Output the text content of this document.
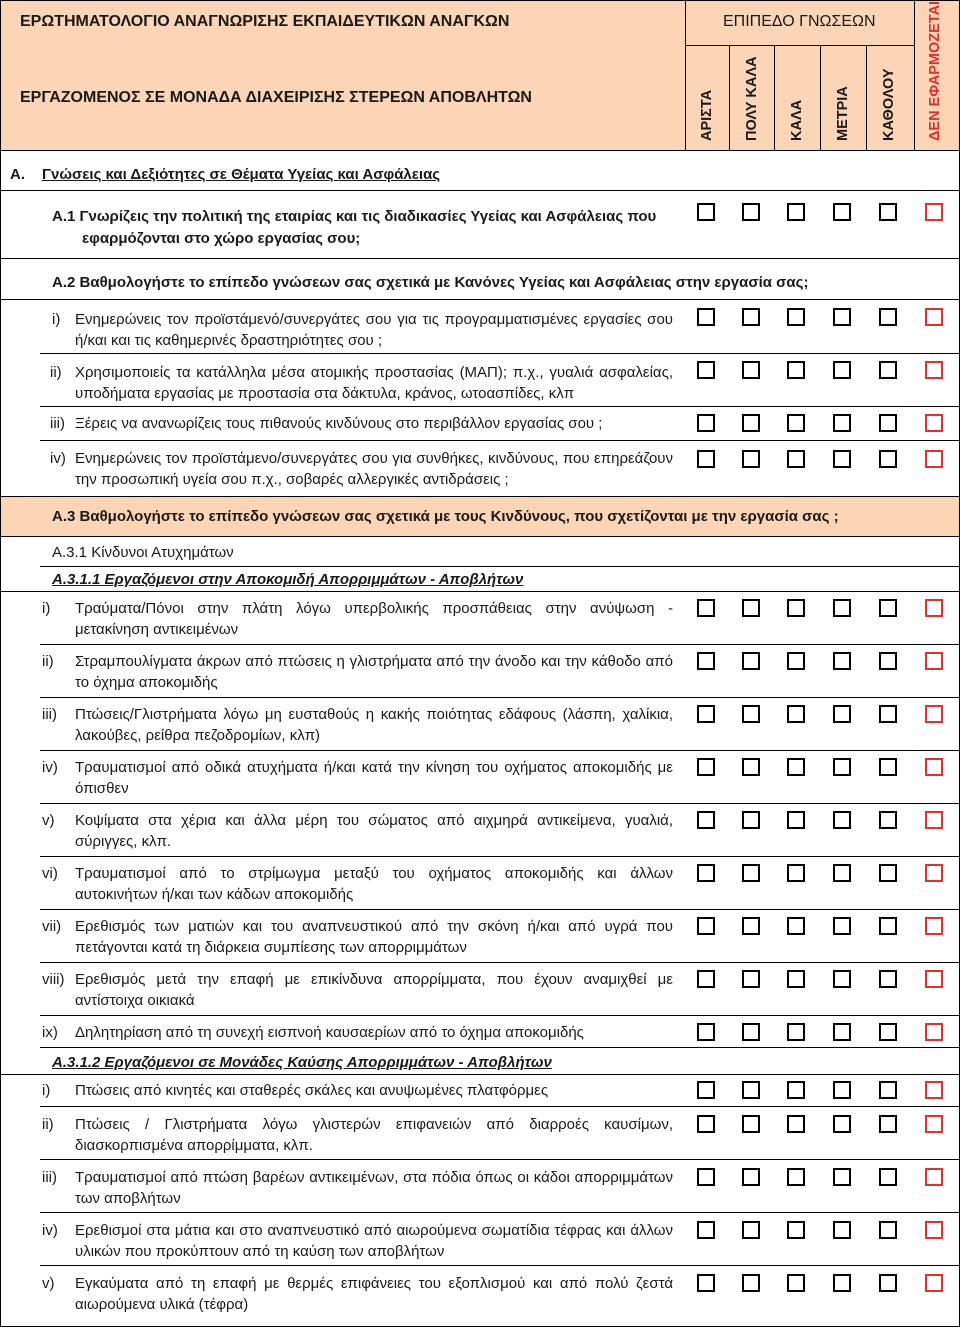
ΕΡΩΤΗΜΑΤΟΛΟΓΙΟ ΑΝΑΓΝΩΡΙΣΗΣ ΕΚΠΑΙΔΕΥΤΙΚΩΝ ΑΝΑΓΚΩΝ
ΕΡΓΑΖΟΜΕΝΟΣ ΣΕ ΜΟΝΑΔΑ ΔΙΑΧΕΙΡΙΣΗΣ ΣΤΕΡΕΩΝ ΑΠΟΒΛΗΤΩΝ
ΕΠΙΠΕΔΟ ΓΝΩΣΕΩΝ
ΑΡΙΣΤΑ ΠΟΛΥ ΚΑΛΑ ΚΑΛΑ ΜΕΤΡΙΑ ΚΑΘΟΛΟΥ ΔΕΝ ΕΦΑΡΜΟΖΕΤΑΙ
Α. Γνώσεις και Δεξιότητες σε Θέματα Υγείας και Ασφάλειας
Α.1 Γνωρίζεις την πολιτική της εταιρίας και τις διαδικασίες Υγείας και Ασφάλειας που
εφαρμόζονται στο χώρο εργασίας σου;
Α.2 Βαθμολογήστε το επίπεδο γνώσεων σας σχετικά με Κανόνες Υγείας και Ασφάλειας στην εργασία σας;
i) Ενημερώνεις τον προϊστάμενό/συνεργάτες σου για τις προγραμματισμένες εργασίες σου ή/και και τις καθημερινές δραστηριότητες σου ;
ii) Χρησιμοποιείς τα κατάλληλα μέσα ατομικής προστασίας (ΜΑΠ); π.χ., γυαλιά ασφαλείας, υποδήματα εργασίας με προστασία στα δάκτυλα, κράνος, ωτοασπίδες, κλπ
iii) Ξέρεις να ανανωρίζεις τους πιθανούς κινδύνους στο περιβάλλον εργασίας σου ;
iv) Ενημερώνεις τον προϊστάμενο/συνεργάτες σου για συνθήκες, κινδύνους, που επηρεάζουν την προσωπική υγεία σου π.χ., σοβαρές αλλεργικές αντιδράσεις ;
Α.3 Βαθμολογήστε το επίπεδο γνώσεων σας σχετικά με τους Κινδύνους, που σχετίζονται με την εργασία σας ;
Α.3.1 Κίνδυνοι Ατυχημάτων
Α.3.1.1 Εργαζόμενοι στην Αποκομιδή Απορριμμάτων - Αποβλήτων
Α.3.1.2 Εργαζόμενοι σε Μονάδες Καύσης Απορριμμάτων - Αποβλήτων
i) Τραύματα/Πόνοι στην πλάτη λόγω υπερβολικής προσπάθειας στην ανύψωση - μετακίνηση αντικειμένων
ii) Στραμπουλίγματα άκρων από πτώσεις η γλιστρήματα από την άνοδο και την κάθοδο από το όχημα αποκομιδής
iii) Πτώσεις/Γλιστρήματα λόγω μη ευσταθούς η κακής ποιότητας εδάφους (λάσπη, χαλίκια, λακούβες, ρείθρα πεζοδρομίων, κλπ)
iv) Τραυματισμοί από οδικά ατυχήματα ή/και κατά την κίνηση του οχήματος αποκομιδής με όπισθεν
v) Κοψίματα στα χέρια και άλλα μέρη του σώματος από αιχμηρά αντικείμενα, γυαλιά, σύριγγες, κλπ.
vi) Τραυματισμοί από το στρίμωγμα μεταξύ του οχήματος αποκομιδής και άλλων αυτοκινήτων ή/και των κάδων αποκομιδής
vii) Ερεθισμός των ματιών και του αναπνευστικού από την σκόνη ή/και από υγρά που πετάγονται κατά τη διάρκεια συμπίεσης των απορριμμάτων
viii) Ερεθισμός μετά την επαφή με επικίνδυνα απορρίμματα, που έχουν αναμιχθεί με αντίστοιχα οικιακά
ix) Δηλητηρίαση από τη συνεχή εισπνοή καυσαερίων από το όχημα αποκομιδής
i) Πτώσεις από κινητές και σταθερές σκάλες και ανυψωμένες πλατφόρμες
ii) Πτώσεις / Γλιστρήματα λόγω γλιστερών επιφανειών από διαρροές καυσίμων, διασκορπισμένα απορρίμματα, κλπ.
iii) Τραυματισμοί από πτώση βαρέων αντικειμένων, στα πόδια όπως οι κάδοι απορριμμάτων των αποβλήτων
iv) Ερεθισμοί στα μάτια και στο αναπνευστικό από αιωρούμενα σωματίδια τέφρας και άλλων υλικών που προκύπτουν από τη καύση των αποβλήτων
v) Εγκαύματα από τη επαφή με θερμές επιφάνειες του εξοπλισμού και από πολύ ζεστά αιωρούμενα υλικά (τέφρα)
